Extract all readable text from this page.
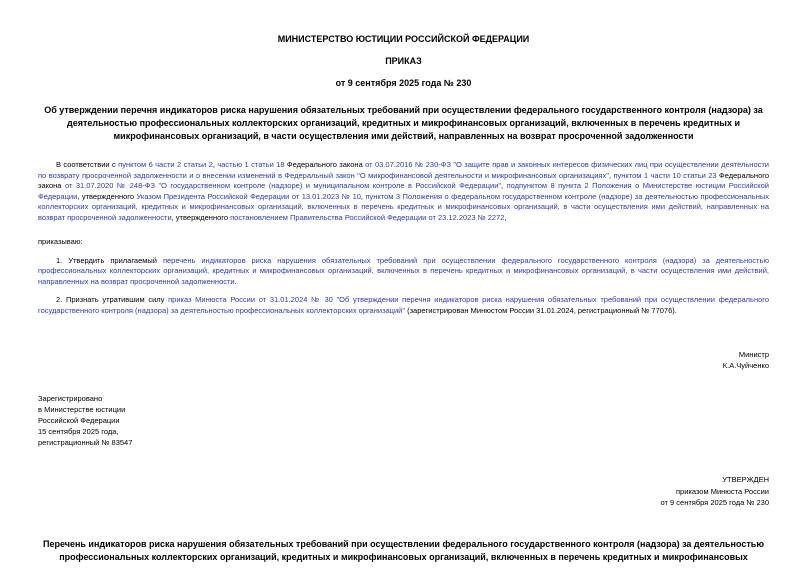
МИНИСТЕРСТВО ЮСТИЦИИ РОССИЙСКОЙ ФЕДЕРАЦИИ
ПРИКАЗ
от 9 сентября 2025 года № 230
Об утверждении перечня индикаторов риска нарушения обязательных требований при осуществлении федерального государственного контроля (надзора) за деятельностью профессиональных коллекторских организаций, кредитных и микрофинансовых организаций, включенных в перечень кредитных и микрофинансовых организаций, в части осуществления ими действий, направленных на возврат просроченной задолженности

В соответствии с пунктом 6 части 2 статьи 2, частью 1 статьи 18 Федерального закона от 03.07.2016 № 230-ФЗ "О защите прав и законных интересов физических лиц при осуществлении деятельности по возврату просроченной задолженности и о внесении изменений в Федеральный закон "О микрофинансовой деятельности и микрофинансовых организациях", пунктом 1 части 10 статьи 23 Федерального закона от 31.07.2020 № 248-ФЗ "О государственном контроле (надзоре) и муниципальном контроле в Российской Федерации", подпунктом 8 пункта 2 Положения о Министерстве юстиции Российской Федерации, утвержденного Указом Президента Российской Федерации от 13.01.2023 № 10, пунктом 3 Положения о федеральном государственном контроле (надзоре) за деятельностью профессиональных коллекторских организаций, кредитных и микрофинансовых организаций, включенных в перечень кредитных и микрофинансовых организаций, в части осуществления ими действий, направленных на возврат просроченной задолженности, утвержденного постановлением Правительства Российской Федерации от 23.12.2023 № 2272,

приказываю:

1. Утвердить прилагаемый перечень индикаторов риска нарушения обязательных требований при осуществлении федерального государственного контроля (надзора) за деятельностью профессиональных коллекторских организаций, кредитных и микрофинансовых организаций, включенных в перечень кредитных и микрофинансовых организаций, в части осуществления ими действий, направленных на возврат просроченной задолженности.

2. Признать утратившим силу приказ Минюста России от 31.01.2024 № 30 "Об утверждении перечня индикаторов риска нарушения обязательных требований при осуществлении федерального государственного контроля (надзора) за деятельностью профессиональных коллекторских организаций" (зарегистрирован Минюстом России 31.01.2024, регистрационный № 77076).

Министр
К.А.Чуйченко
Зарегистрировано
в Министерстве юстиции
Российской Федерации
15 сентября 2025 года,
регистрационный № 83547
УТВЕРЖДЕН
приказом Минюста России
от 9 сентября 2025 года № 230
Перечень индикаторов риска нарушения обязательных требований при осуществлении федерального государственного контроля (надзора) за деятельностью профессиональных коллекторских организаций, кредитных и микрофинансовых организаций, включенных в перечень кредитных и микрофинансовых
